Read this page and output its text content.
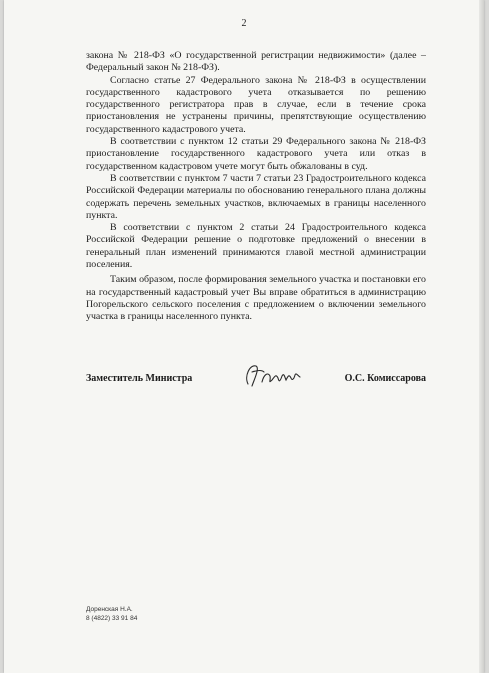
2

закона № 218-ФЗ «О государственной регистрации недвижимости» (далее – Федеральный закон № 218-ФЗ).

Согласно статье 27 Федерального закона № 218-ФЗ в осуществлении государственного кадастрового учета отказывается по решению государственного регистратора прав в случае, если в течение срока приостановления не устранены причины, препятствующие осуществлению государственного кадастрового учета.

В соответствии с пунктом 12 статьи 29 Федерального закона № 218-ФЗ приостановление государственного кадастрового учета или отказ в государственном кадастровом учете могут быть обжалованы в суд.

В соответствии с пунктом 7 части 7 статьи 23 Градостроительного кодекса Российской Федерации материалы по обоснованию генерального плана должны содержать перечень земельных участков, включаемых в границы населенного пункта.

В соответствии с пунктом 2 статьи 24 Градостроительного кодекса Российской Федерации решение о подготовке предложений о внесении в генеральный план изменений принимаются главой местной администрации поселения.

Таким образом, после формирования земельного участка и постановки его на государственный кадастровый учет Вы вправе обратиться в администрацию Погорельского сельского поселения с предложением о включении земельного участка в границы населенного пункта.

Заместитель Министра	О.С. Комиссарова
Доренская Н.А.
8 (4822) 33 91 84
